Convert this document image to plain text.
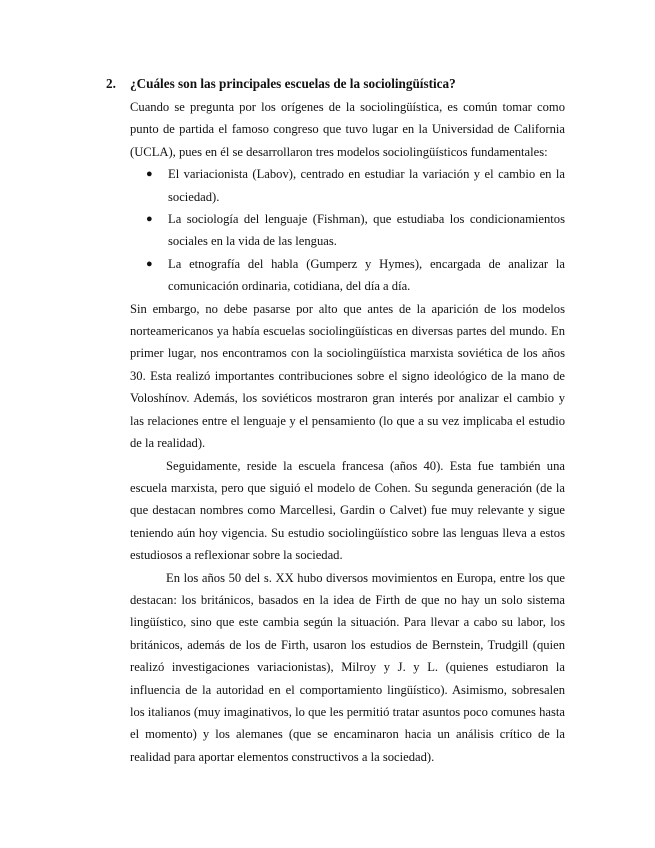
2. ¿Cuáles son las principales escuelas de la sociolingüística?

Cuando se pregunta por los orígenes de la sociolingüística, es común tomar como punto de partida el famoso congreso que tuvo lugar en la Universidad de California (UCLA), pues en él se desarrollaron tres modelos sociolingüísticos fundamentales:

● El variacionista (Labov), centrado en estudiar la variación y el cambio en la sociedad).
● La sociología del lenguaje (Fishman), que estudiaba los condicionamientos sociales en la vida de las lenguas.
● La etnografía del habla (Gumperz y Hymes), encargada de analizar la comunicación ordinaria, cotidiana, del día a día.

Sin embargo, no debe pasarse por alto que antes de la aparición de los modelos norteamericanos ya había escuelas sociolingüísticas en diversas partes del mundo. En primer lugar, nos encontramos con la sociolingüística marxista soviética de los años 30. Esta realizó importantes contribuciones sobre el signo ideológico de la mano de Voloshínov. Además, los soviéticos mostraron gran interés por analizar el cambio y las relaciones entre el lenguaje y el pensamiento (lo que a su vez implicaba el estudio de la realidad).

Seguidamente, reside la escuela francesa (años 40). Esta fue también una escuela marxista, pero que siguió el modelo de Cohen. Su segunda generación (de la que destacan nombres como Marcellesi, Gardin o Calvet) fue muy relevante y sigue teniendo aún hoy vigencia. Su estudio sociolingüístico sobre las lenguas lleva a estos estudiosos a reflexionar sobre la sociedad.

En los años 50 del s. XX hubo diversos movimientos en Europa, entre los que destacan: los británicos, basados en la idea de Firth de que no hay un solo sistema lingüístico, sino que este cambia según la situación. Para llevar a cabo su labor, los británicos, además de los de Firth, usaron los estudios de Bernstein, Trudgill (quien realizó investigaciones variacionistas), Milroy y J. y L. (quienes estudiaron la influencia de la autoridad en el comportamiento lingüístico). Asimismo, sobresalen los italianos (muy imaginativos, lo que les permitió tratar asuntos poco comunes hasta el momento) y los alemanes (que se encaminaron hacia un análisis crítico de la realidad para aportar elementos constructivos a la sociedad).
